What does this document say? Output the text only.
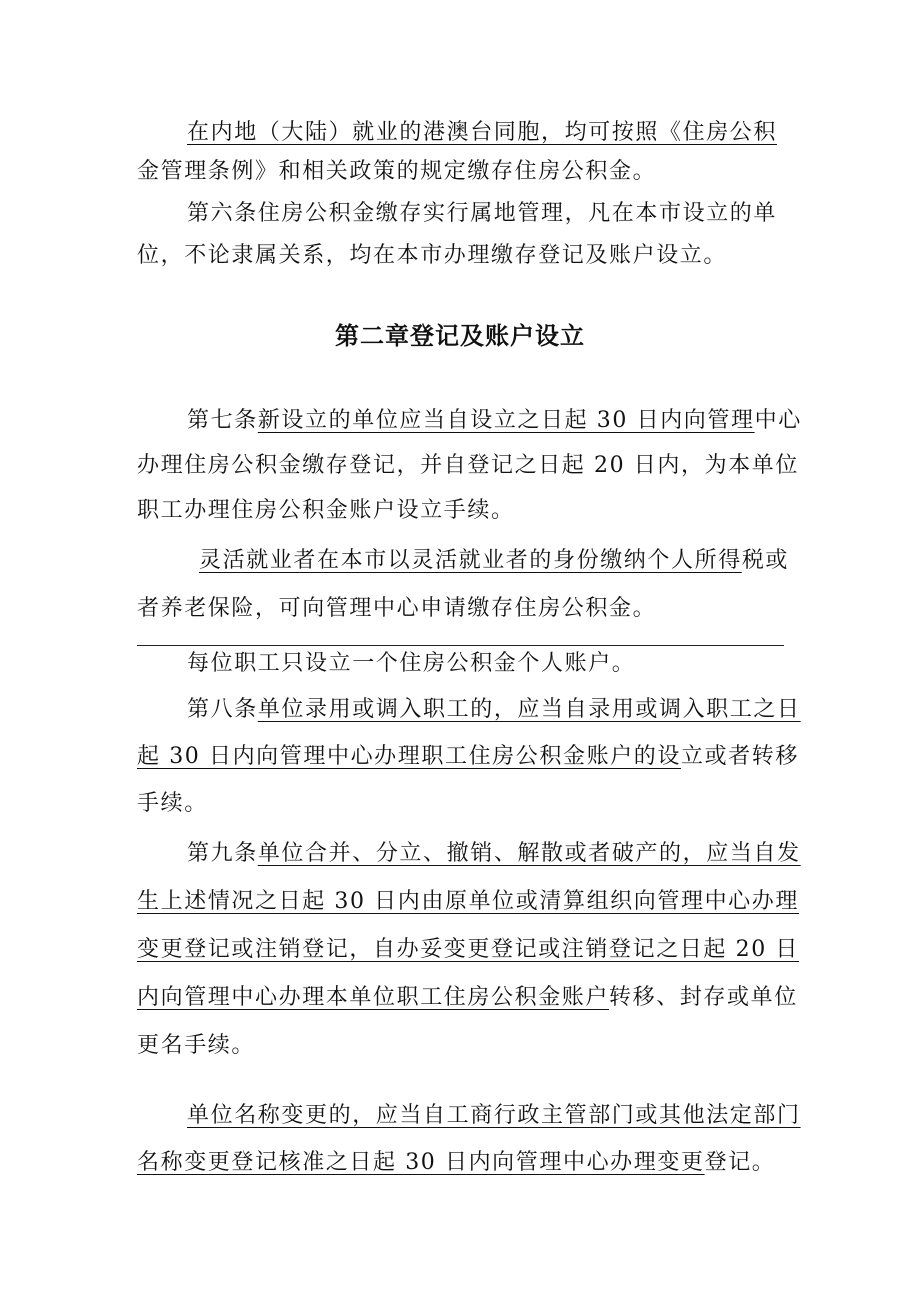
在内地（大陆）就业的港澳台同胞，均可按照《住房公积

金管理条例》和相关政策的规定缴存住房公积金。

第六条住房公积金缴存实行属地管理，凡在本市设立的单

位，不论隶属关系，均在本市办理缴存登记及账户设立。

第二章登记及账户设立

第七条新设立的单位应当自设立之日起 30 日内向管理中心

办理住房公积金缴存登记，并自登记之日起 20 日内，为本单位

职工办理住房公积金账户设立手续。

灵活就业者在本市以灵活就业者的身份缴纳个人所得税或

者养老保险，可向管理中心申请缴存住房公积金。

每位职工只设立一个住房公积金个人账户。

第八条单位录用或调入职工的，应当自录用或调入职工之日

起 30 日内向管理中心办理职工住房公积金账户的设立或者转移

手续。

第九条单位合并、分立、撤销、解散或者破产的，应当自发

生上述情况之日起 30 日内由原单位或清算组织向管理中心办理

变更登记或注销登记，自办妥变更登记或注销登记之日起 20 日

内向管理中心办理本单位职工住房公积金账户转移、封存或单位

更名手续。

单位名称变更的，应当自工商行政主管部门或其他法定部门

名称变更登记核准之日起 30 日内向管理中心办理变更登记。
